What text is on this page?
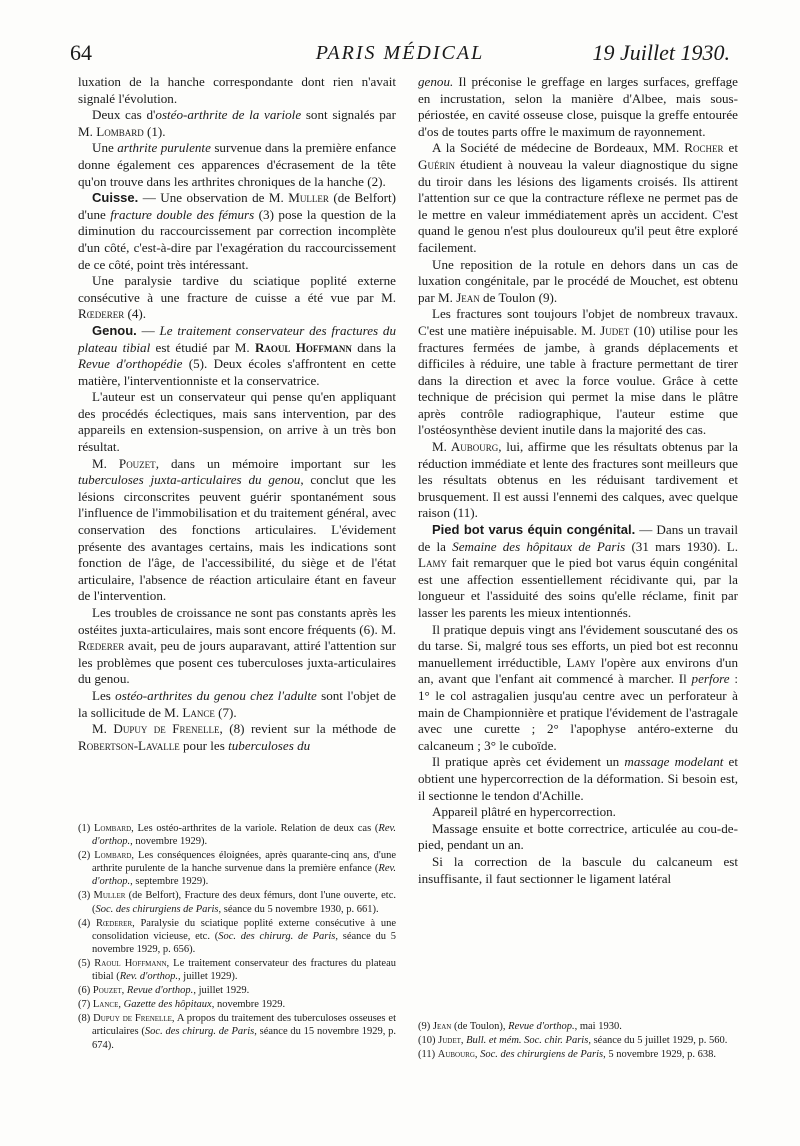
64	PARIS MÉDICAL	19 Juillet 1930.

luxation de la hanche correspondante dont rien n'avait signalé l'évolution.

Deux cas d'ostéo-arthrite de la variole sont signalés par M. Lombard (1).

Une arthrite purulente survenue dans la première enfance donne également ces apparences d'écrasement de la tête qu'on trouve dans les arthrites chroniques de la hanche (2).

Cuisse. — Une observation de M. Muller (de Belfort) d'une fracture double des fémurs (3) pose la question de la diminution du raccourcissement par correction incomplète d'un côté, c'est-à-dire par l'exagération du raccourcissement de ce côté, point très intéressant.

Une paralysie tardive du sciatique poplité externe consécutive à une fracture de cuisse a été vue par M. Rœderer (4).

Genou. — Le traitement conservateur des fractures du plateau tibial est étudié par M. Raoul Hoffmann dans la Revue d'orthopédie (5). Deux écoles s'affrontent en cette matière, l'interventionniste et la conservatrice.

L'auteur est un conservateur qui pense qu'en appliquant des procédés éclectiques, mais sans intervention, par des appareils en extension-suspension, on arrive à un très bon résultat.

M. Pouzet, dans un mémoire important sur les tuberculoses juxta-articulaires du genou, conclut que les lésions circonscrites peuvent guérir spontanément sous l'influence de l'immobilisation et du traitement général, avec conservation des fonctions articulaires. L'évidement présente des avantages certains, mais les indications sont fonction de l'âge, de l'accessibilité, du siège et de l'état articulaire, l'absence de réaction articulaire étant en faveur de l'intervention.

Les troubles de croissance ne sont pas constants après les ostéites juxta-articulaires, mais sont encore fréquents (6). M. Rœderer avait, peu de jours auparavant, attiré l'attention sur les problèmes que posent ces tuberculoses juxta-articulaires du genou.

Les ostéo-arthrites du genou chez l'adulte sont l'objet de la sollicitude de M. Lance (7).

M. Dupuy de Frenelle, (8) revient sur la méthode de Robertson-Lavalle pour les tuberculoses du

(1) Lombard, Les ostéo-arthrites de la variole. Relation de deux cas (Rev. d'orthop., novembre 1929).

(2) Lombard, Les conséquences éloignées, après quarante-cinq ans, d'une arthrite purulente de la hanche survenue dans la première enfance (Rev. d'orthop., septembre 1929).

(3) Muller (de Belfort), Fracture des deux fémurs, dont l'une ouverte, etc. (Soc. des chirurgiens de Paris, séance du 5 novembre 1930, p. 661).

(4) Rœderer, Paralysie du sciatique poplité externe consécutive à une consolidation vicieuse, etc. (Soc. des chirurg. de Paris, séance du 5 novembre 1929, p. 656).

(5) Raoul Hoffmann, Le traitement conservateur des fractures du plateau tibial (Rev. d'orthop., juillet 1929).

(6) Pouzet, Revue d'orthop., juillet 1929.

(7) Lance, Gazette des hôpitaux, novembre 1929.

(8) Dupuy de Frenelle, A propos du traitement des tuberculoses osseuses et articulaires (Soc. des chirurg. de Paris, séance du 15 novembre 1929, p. 674).

genou. Il préconise le greffage en larges surfaces, greffage en incrustation, selon la manière d'Albee, mais sous-périostée, en cavité osseuse close, puisque la greffe entourée d'os de toutes parts offre le maximum de rayonnement.

A la Société de médecine de Bordeaux, MM. Rocher et Guérin étudient à nouveau la valeur diagnostique du signe du tiroir dans les lésions des ligaments croisés. Ils attirent l'attention sur ce que la contracture réflexe ne permet pas de le mettre en valeur immédiatement après un accident. C'est quand le genou n'est plus douloureux qu'il peut être exploré facilement.

Une reposition de la rotule en dehors dans un cas de luxation congénitale, par le procédé de Mouchet, est obtenu par M. Jean de Toulon (9).

Les fractures sont toujours l'objet de nombreux travaux. C'est une matière inépuisable. M. Judet (10) utilise pour les fractures fermées de jambe, à grands déplacements et difficiles à réduire, une table à fracture permettant de tirer dans la direction et avec la force voulue. Grâce à cette technique de précision qui permet la mise dans le plâtre après contrôle radiographique, l'auteur estime que l'ostéosynthèse devient inutile dans la majorité des cas.

M. Aubourg, lui, affirme que les résultats obtenus par la réduction immédiate et lente des fractures sont meilleurs que les résultats obtenus en les réduisant tardivement et brusquement. Il est aussi l'ennemi des calques, avec quelque raison (11).

Pied bot varus équin congénital. — Dans un travail de la Semaine des hôpitaux de Paris (31 mars 1930). L. Lamy fait remarquer que le pied bot varus équin congénital est une affection essentiellement récidivante qui, par la longueur et l'assiduité des soins qu'elle réclame, finit par lasser les parents les mieux intentionnés.

Il pratique depuis vingt ans l'évidement souscutané des os du tarse. Si, malgré tous ses efforts, un pied bot est reconnu manuellement irréductible, Lamy l'opère aux environs d'un an, avant que l'enfant ait commencé à marcher. Il perfore : 1° le col astragalien jusqu'au centre avec un perforateur à main de Championnière et pratique l'évidement de l'astragale avec une curette ; 2° l'apophyse antéro-externe du calcaneum ; 3° le cuboïde.

Il pratique après cet évidement un massage modelant et obtient une hypercorrection de la déformation. Si besoin est, il sectionne le tendon d'Achille.

Appareil plâtré en hypercorrection.

Massage ensuite et botte correctrice, articulée au cou-de-pied, pendant un an.

Si la correction de la bascule du calcaneum est insuffisante, il faut sectionner le ligament latéral

(9) Jean (de Toulon), Revue d'orthop., mai 1930.

(10) Judet, Bull. et mém. Soc. chir. Paris, séance du 5 juillet 1929, p. 560.

(11) Aubourg, Soc. des chirurgiens de Paris, 5 novembre 1929, p. 638.
